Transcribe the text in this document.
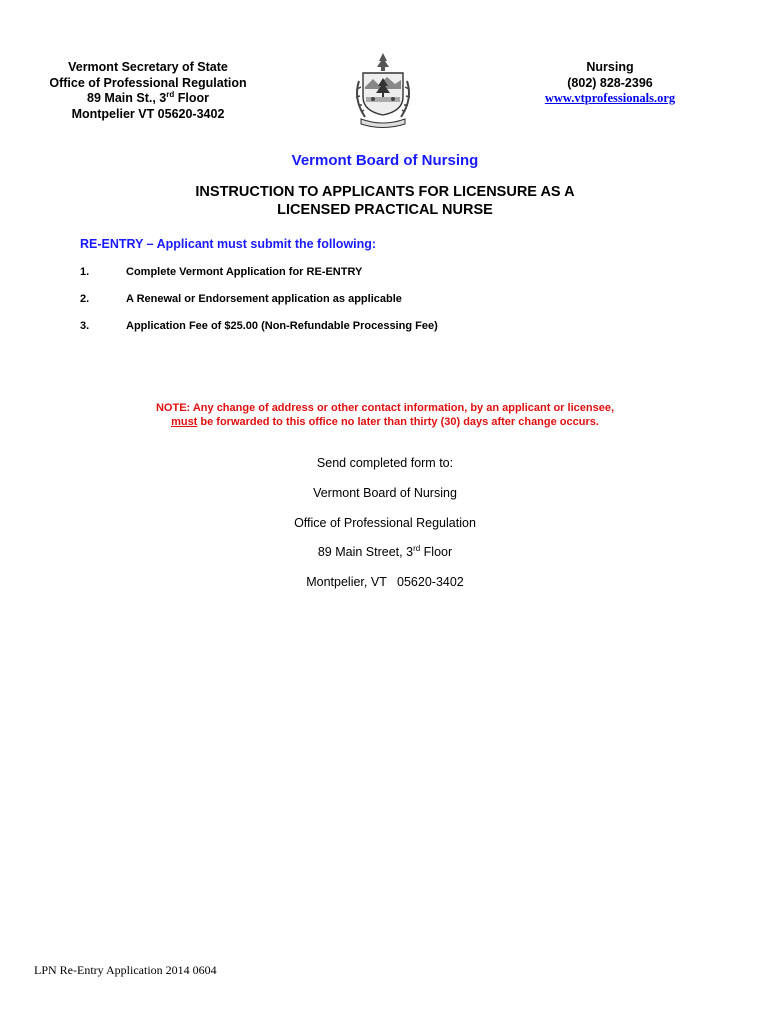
Vermont Secretary of State
Office of Professional Regulation
89 Main St., 3rd Floor
Montpelier VT 05620-3402
Nursing
(802) 828-2396
www.vtprofessionals.org
Vermont Board of Nursing
INSTRUCTION TO APPLICANTS FOR LICENSURE AS A
LICENSED PRACTICAL NURSE
RE-ENTRY – Applicant must submit the following:
1.	Complete Vermont Application for RE-ENTRY
2.	A Renewal or Endorsement application as applicable
3.	Application Fee of $25.00 (Non-Refundable Processing Fee)
NOTE: Any change of address or other contact information, by an applicant or licensee,
must be forwarded to this office no later than thirty (30) days after change occurs.
Send completed form to:
Vermont Board of Nursing
Office of Professional Regulation
89 Main Street, 3rd Floor
Montpelier, VT   05620-3402
LPN Re-Entry Application 2014 0604
